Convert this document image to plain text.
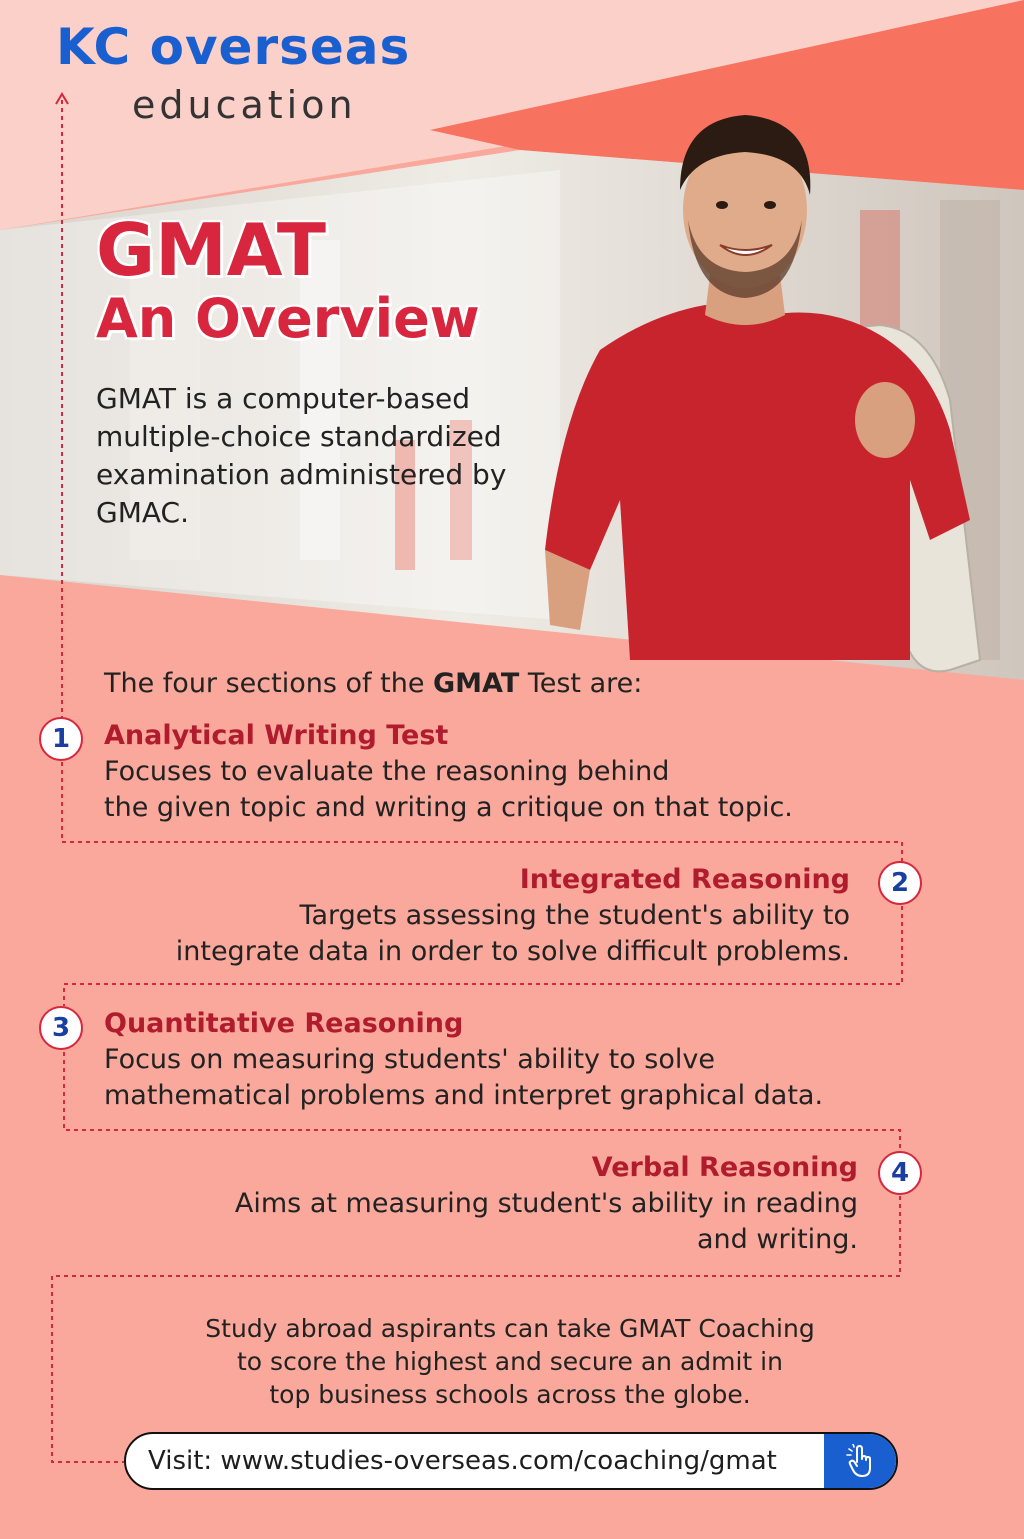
KC overseas
education
GMAT
An Overview
GMAT is a computer-based multiple-choice standardized examination administered by GMAC.
The four sections of the GMAT Test are:
1	Analytical Writing Test
Focuses to evaluate the reasoning behind
the given topic and writing a critique on that topic.
2
Integrated Reasoning
Targets assessing the student's ability to
integrate data in order to solve difficult problems.
3	Quantitative Reasoning
Focus on measuring students' ability to solve
mathematical problems and interpret graphical data.
4
Verbal Reasoning
Aims at measuring student's ability in reading
and writing.
Study abroad aspirants can take GMAT Coaching
to score the highest and secure an admit in
top business schools across the globe.
Visit: www.studies-overseas.com/coaching/gmat
